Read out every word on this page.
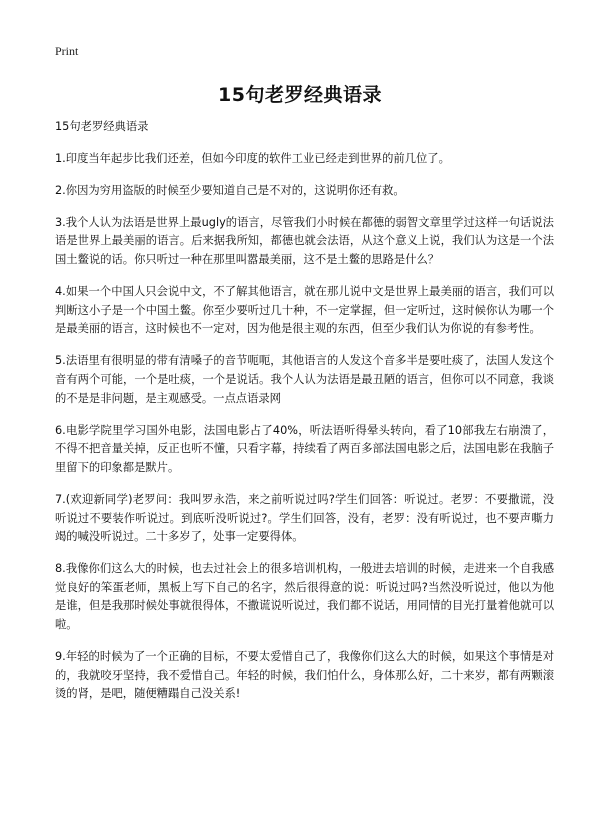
Print
15句老罗经典语录

15句老罗经典语录

1.印度当年起步比我们还差，但如今印度的软件工业已经走到世界的前几位了。

2.你因为穷用盗版的时候至少要知道自己是不对的，这说明你还有救。

3.我个人认为法语是世界上最ugly的语言，尽管我们小时候在都德的弱智文章里学过这样一句话说法语是世界上最美丽的语言。后来据我所知，都德也就会法语，从这个意义上说，我们认为这是一个法国土鳖说的话。你只听过一种在那里叫嚣最美丽，这不是土鳖的思路是什么？

4.如果一个中国人只会说中文，不了解其他语言，就在那儿说中文是世界上最美丽的语言，我们可以判断这小子是一个中国土鳖。你至少要听过几十种，不一定掌握，但一定听过，这时候你认为哪一个是最美丽的语言，这时候也不一定对，因为他是很主观的东西，但至少我们认为你说的有参考性。

5.法语里有很明显的带有清嗓子的音节呃呃，其他语言的人发这个音多半是要吐痰了，法国人发这个音有两个可能，一个是吐痰，一个是说话。我个人认为法语是最丑陋的语言，但你可以不同意，我谈的不是是非问题，是主观感受。一点点语录网

6.电影学院里学习国外电影，法国电影占了40%，听法语听得晕头转向，看了10部我左右崩溃了，不得不把音量关掉，反正也听不懂，只看字幕，持续看了两百多部法国电影之后，法国电影在我脑子里留下的印象都是默片。

7.(欢迎新同学)老罗问：我叫罗永浩，来之前听说过吗?学生们回答：听说过。老罗：不要撒谎，没听说过不要装作听说过。到底听没听说过?。学生们回答，没有，老罗：没有听说过，也不要声嘶力竭的喊没听说过。二十多岁了，处事一定要得体。

8.我像你们这么大的时候，也去过社会上的很多培训机构，一般进去培训的时候，走进来一个自我感觉良好的笨蛋老师，黑板上写下自己的名字，然后很得意的说：听说过吗?当然没听说过，他以为他是谁，但是我那时候处事就很得体，不撒谎说听说过，我们都不说话，用同情的目光打量着他就可以啦。

9.年轻的时候为了一个正确的目标，不要太爱惜自己了，我像你们这么大的时候，如果这个事情是对的，我就咬牙坚持，我不爱惜自己。年轻的时候，我们怕什么，身体那么好，二十来岁，都有两颗滚烫的肾，是吧，随便糟蹋自己没关系!
